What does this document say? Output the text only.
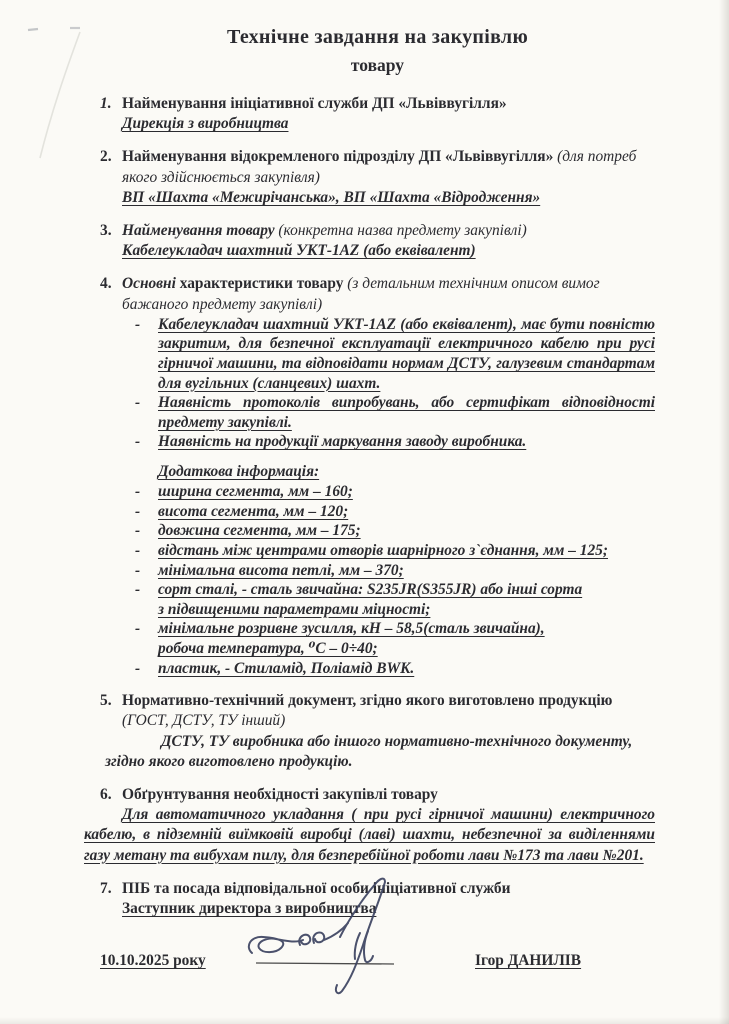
Технічне завдання на закупівлю
товару
1. Найменування ініціативної служби ДП «Львіввугілля»
Дирекція з виробництва
2. Найменування відокремленого підрозділу ДП «Львіввугілля» (для потреб якого здійснюється закупівля)
ВП «Шахта «Межирічанська», ВП «Шахта «Відродження»
3. Найменування товару (конкретна назва предмету закупівлі)
Кабелеукладач шахтний УКТ-1AZ (або еквівалент)
4. Основні характеристики товару (з детальним технічним описом вимог бажаного предмету закупівлі)
-	Кабелеукладач шахтний УКТ-1AZ (або еквівалент), має бути повністю закритим, для безпечної експлуатації електричного кабелю при русі гірничої машини, та відповідати нормам ДСТУ, галузевим стандартам для вугільних (сланцевих) шахт.
-	Наявність протоколів випробувань, або сертифікат відповідності предмету закупівлі.
-	Наявність на продукції маркування заводу виробника.
Додаткова інформація:
-	ширина сегмента, мм – 160;
-	висота сегмента, мм – 120;
-	довжина сегмента, мм – 175;
-	відстань між центрами отворів шарнірного з`єднання, мм – 125;
-	мінімальна висота петлі, мм – 370;
-	сорт сталі, - сталь звичайна: S235JR(S355JR) або інші сорта
з підвищеними параметрами міцності;
-	мінімальне розривне зусилля, кН – 58,5(сталь звичайна),
робоча температура, ⁰С – 0÷40;
-	пластик, - Стиламід, Поліамід BWK.
5. Нормативно-технічний документ, згідно якого виготовлено продукцію (ГОСТ, ДСТУ, ТУ інший)
ДСТУ, ТУ виробника або іншого нормативно-технічного документу, згідно якого виготовлено продукцію.
6. Обґрунтування необхідності закупівлі товару
Для автоматичного укладання ( при русі гірничої машини) електричного кабелю, в підземній виїмковій виробці (лаві) шахти, небезпечної за виділеннями газу метану та вибухам пилу, для безперебійної роботи лави №173 та лави №201.
7. ПІБ та посада відповідальної особи ініціативної служби
Заступник директора з виробництва
10.10.2025 року	Ігор ДАНИЛІВ
